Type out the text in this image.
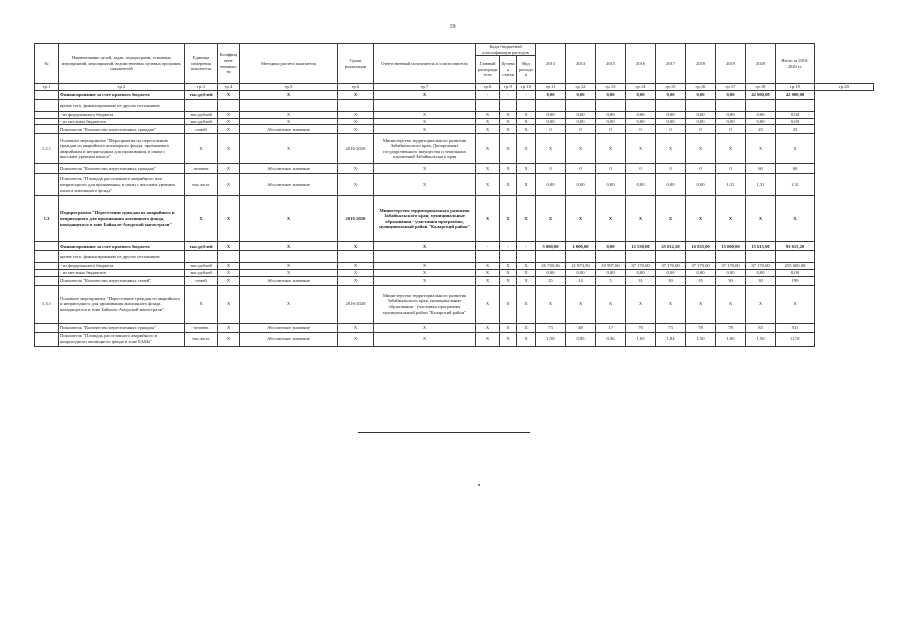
19
№	Наименование целей, задач, подпрограмм, основных мероприятий, мероприятий, ведомственных целевых программ, показателей	Единица измерения показателя	Коэффициент значимости	Методика расчета показателя	Сроки реализации	Ответственный исполнитель и соисполнители	Коды бюджетной классификации расходов			2013	2014	2015	2016	2017	2018	2019	2020	Итого за 2016-2020 гг.	
							Главный распорядитель	Целевая статья	Вид расходов										
гр.1	гр.2	гр.3	гр.4	гр.5	гр.6	гр.7	гр.8	гр.9	гр.10	гр.11	гр.12	гр.13	гр.14	гр.15	гр.16	гр.17	гр.18	гр.19	гр.20
	Финансирование за счет краевого бюджета	тыс.рублей	X	X	X	X	-	-	-	0,00	0,00	0,00	0,00	0,00	0,00	0,00	42 000,00	42 000,00	
	кроме того, финансирование из других источников																		
	- из федерального бюджета	тыс.рублей	X	X	X	X	X	X	X	0,00	0,00	0,00	0,00	0,00	0,00	0,00	0,00	0,00	
	- из местных бюджетов	тыс.рублей	X	X	X	X	X	X	X	0,00	0,00	0,00	0,00	0,00	0,00	0,00	0,00	0,00	
	Показатель "Количество переселенных граждан"	семей	X	Абсолютное значение	X	X	X	X	X	0	0	0	0	0	0	0	25	25	
1.2.1	Основное мероприятие "Мероприятия по переселению граждан из аварийного жилищного фонда, признанного аварийным и непригодным для проживания, в связи с высоким уровнем износа"	X	X	X	2016-2020	Министерство территориального развития Забайкальского края, Департамент государственного имущества и земельных отношений Забайкальского края	X	X	X	X	X	X	X	X	X	X	X	X	
	Показатель "Количество переселенных граждан"	человек	X	Абсолютное значение	X	X	X	X	X	0	0	0	0	0	0	0	60	60	
	Показатель "Площадь расселенного аварийного или непригодного для проживания, в связи с высоким уровнем износа жилищного фонда"	тыс.кв.м.	X	Абсолютное значение	X	X	X	X	X	0,00	0,00	0,00	0,00	0,00	0,00	1,31	1,31	1,31	
1.3	Подпрограмма "Переселение граждан из аварийного и непригодного для проживания жилищного фонда, находящегося в зоне Байкало-Амурской магистрали"	X	X	X	2016-2020	Министерство территориального развития Забайкальского края, муниципальные образования - участники программы, муниципальный район "Каларский район"	X	X	X	X	X	X	X	X	X	X	X	X	
	Финансирование за счет краевого бюджета	тыс.рублей	X	X	X	X	-	-	-	5 000,00	1 000,00	0,00	12 530,00	25 012,20	16 835,00	15 000,00	15 615,00	93 615,20	
	кроме того, финансирование из других источников																		
	- из федерального бюджета	тыс.рублей	X	X	X	X	X	X	X	26 720,36	21 873,50	10 997,60	37 170,00	37 170,00	37 170,00	37 170,00	37 170,00	255 600,00	
	- из местных бюджетов	тыс.рублей	X	X	X	X	X	X	X	0,00	0,00	0,00	0,00	0,00	0,00	0,00	0,00	0,00	
	Показатель "Количество переселенных семей"	семей	X	Абсолютное значение	X	X	X	X	X	25	14	5	31	30	35	30	30	199	
1.3.1	Основное мероприятие "Переселение граждан из аварийного и непригодного для проживания жилищного фонда, находящегося в зоне Байкало-Амурской магистрали"	X	X	X	2016-2020	Министерство территориального развития Забайкальского края, муниципальные образования - участники программы муниципальный район "Каларский район"	X	X	X	X	X	X	X	X	X	X	X	X	
	Показатель "Количество переселенных граждан"	человек	X	Абсолютное значение	X	X	X	X	X	73	48	17	70	73	78	78	83	531	
	Показатель "Площадь расселенного аварийного и непригодного жилищного фонда в зоне БАМа"	тыс.кв.м.	X	Абсолютное значение	X	X	X	X	X	1,58	0,85	0,36	1,65	1,84	1,50	1,80	1,50	11,91	
